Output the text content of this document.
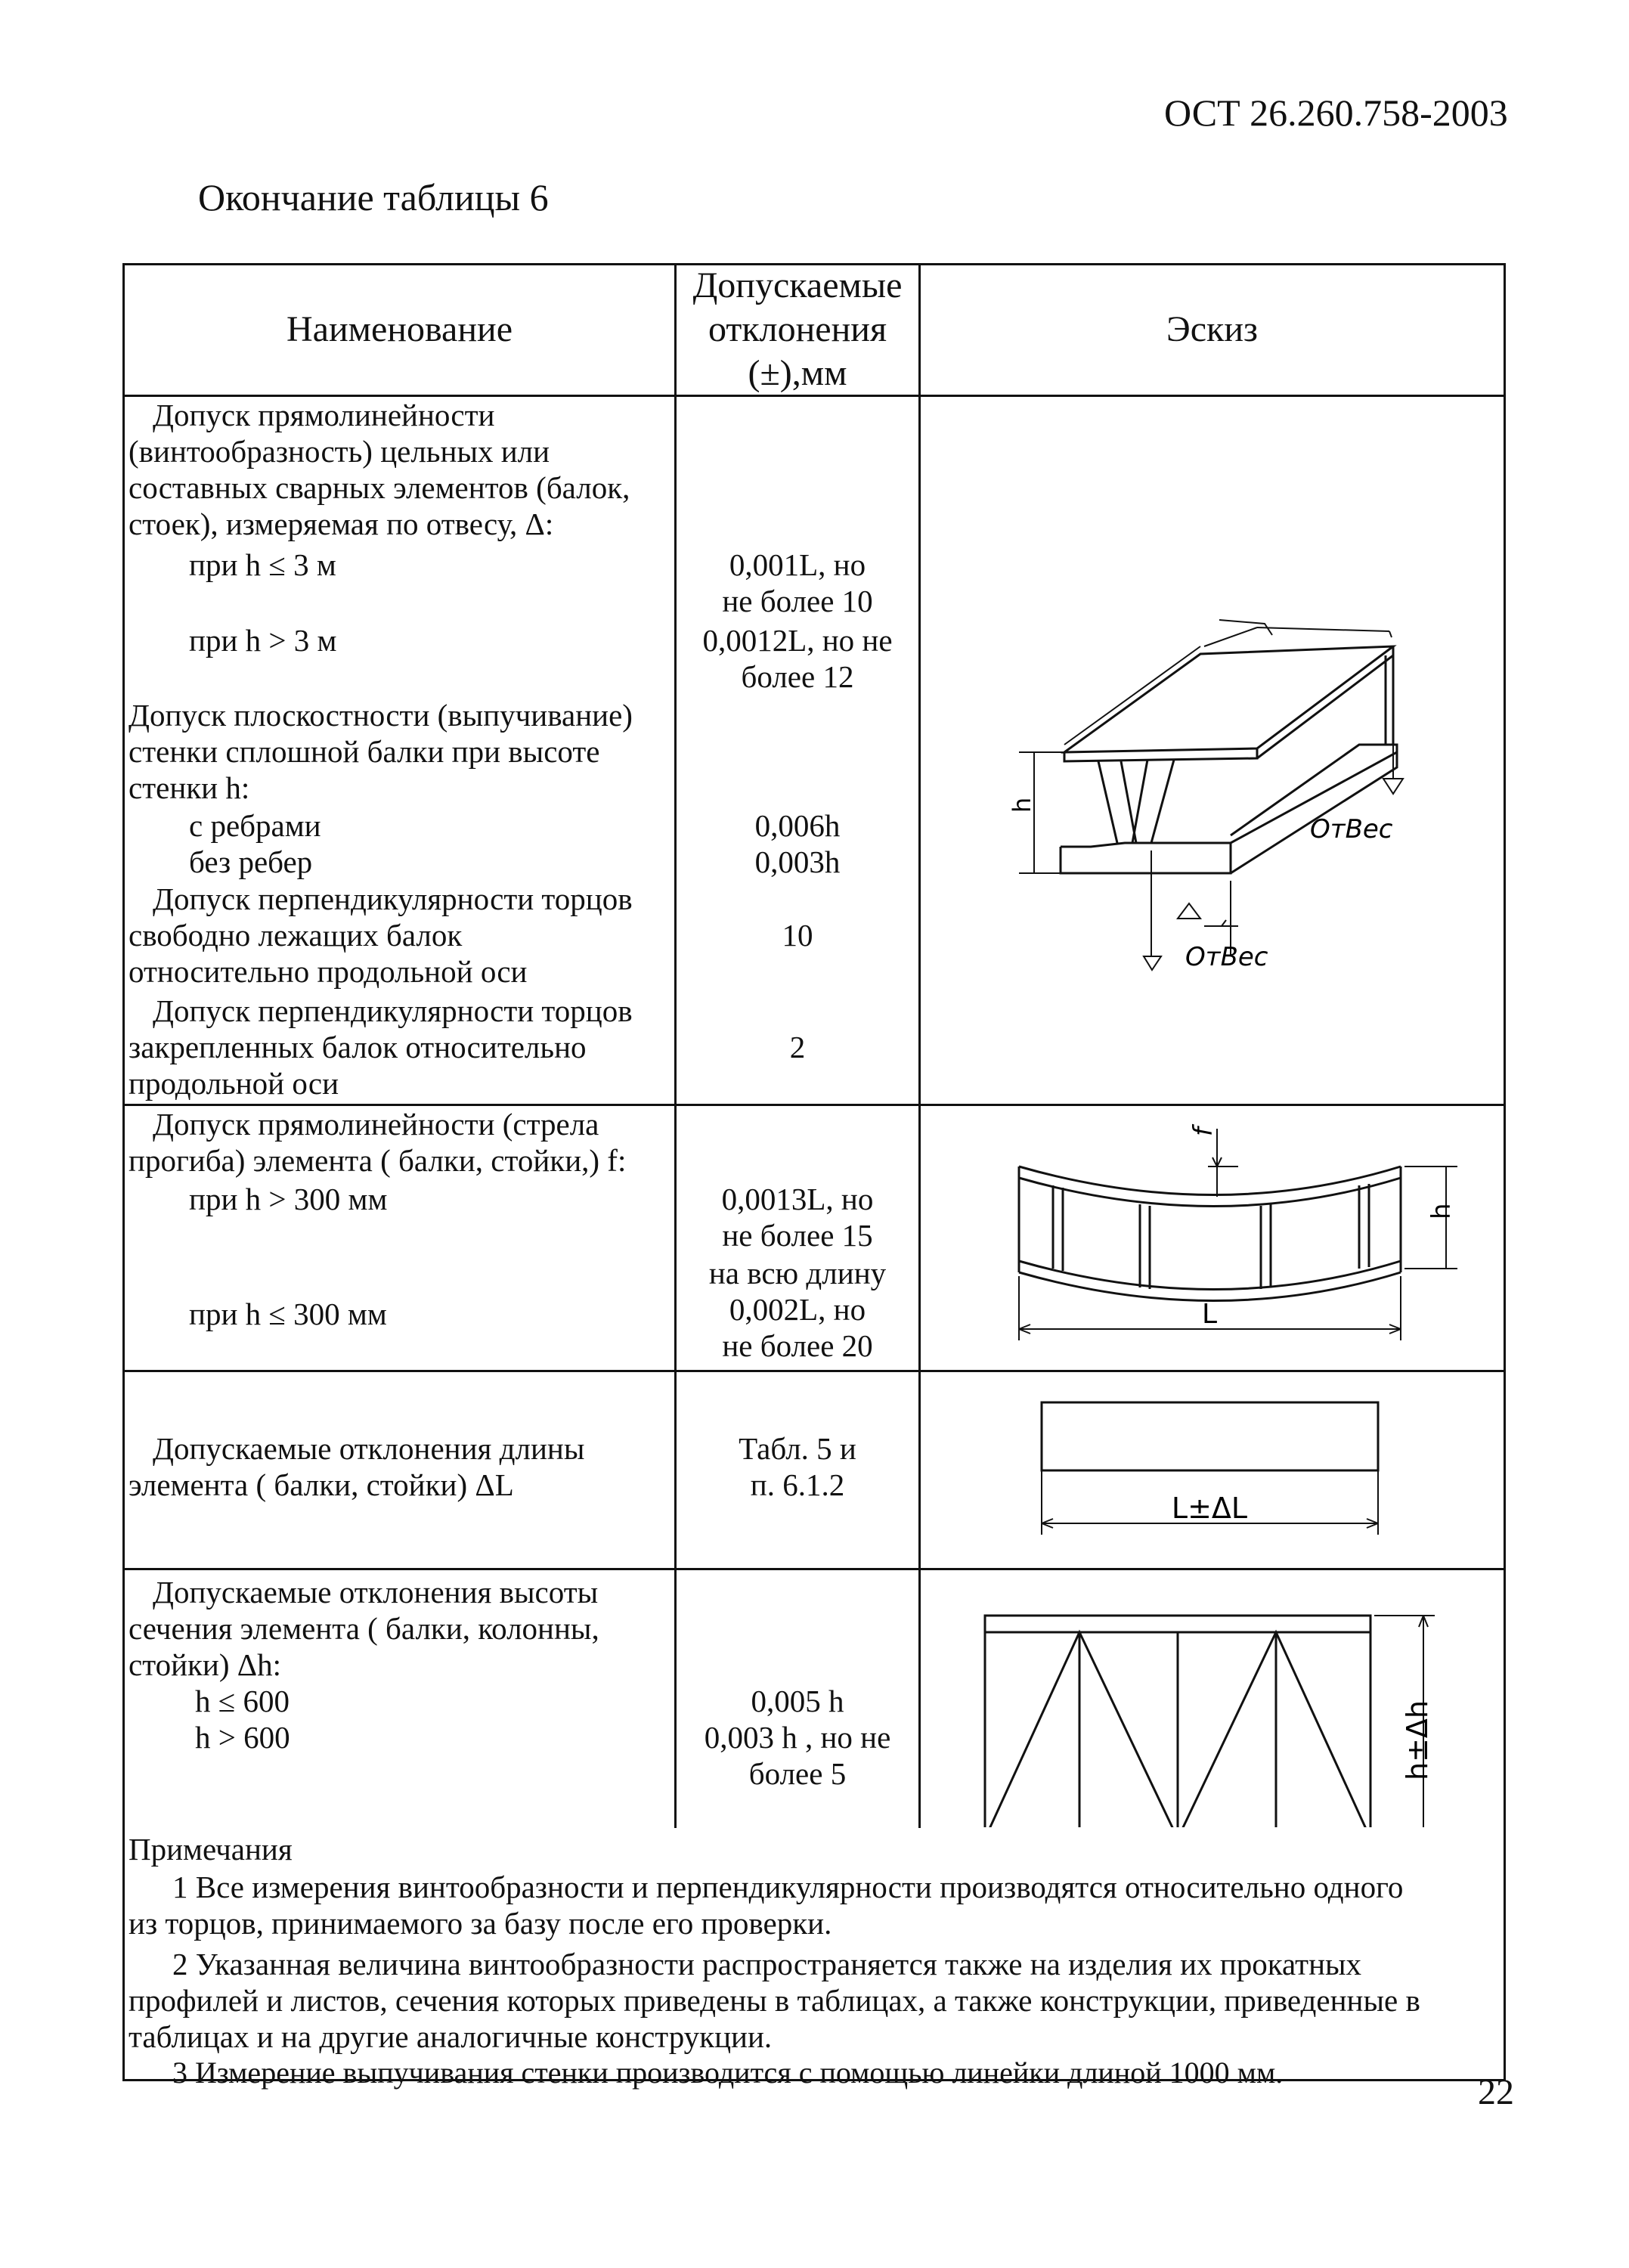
ОСТ 26.260.758-2003
Окончание таблицы 6
Наименование
Допускаемые
отклонения
(±),мм
Эскиз
Допуск прямолинейности
(винтообразность) цельных или
составных сварных элементов (балок,
стоек), измеряемая по отвесу, Δ:
при h ≤ 3 м
при h > 3 м
Допуск плоскостности (выпучивание)
стенки сплошной балки при высоте
стенки h:
с ребрами
без ребер
Допуск перпендикулярности торцов
свободно лежащих балок
относительно продольной оси
Допуск перпендикулярности торцов
закрепленных балок относительно
продольной оси
0,001L, но
не более 10
0,0012L, но не
более 12
0,006h
0,003h
10
2
h
ОтВес
ОтВес
Допуск прямолинейности (стрела
прогиба) элемента ( балки, стойки,) f:
при h > 300 мм
при h ≤ 300 мм
0,0013L, но
не более 15
на всю длину
0,002L, но
не более 20
f
h
L
Допускаемые отклонения длины
элемента ( балки, стойки) ΔL
Табл. 5 и
п. 6.1.2
L±ΔL
Допускаемые отклонения высоты
сечения элемента ( балки, колонны,
стойки) Δh:
h ≤ 600
h > 600
0,005 h
0,003 h , но не
более 5	h±Δh
Примечания
1 Все измерения винтообразности и перпендикулярности производятся относительно одного
из торцов, принимаемого за базу после его проверки.
2 Указанная величина винтообразности распространяется также на изделия их прокатных
профилей и листов, сечения которых приведены в таблицах, а также конструкции, приведенные в
таблицах и на другие аналогичные конструкции.
3 Измерение выпучивания стенки производится с помощью линейки длиной 1000 мм.	22
